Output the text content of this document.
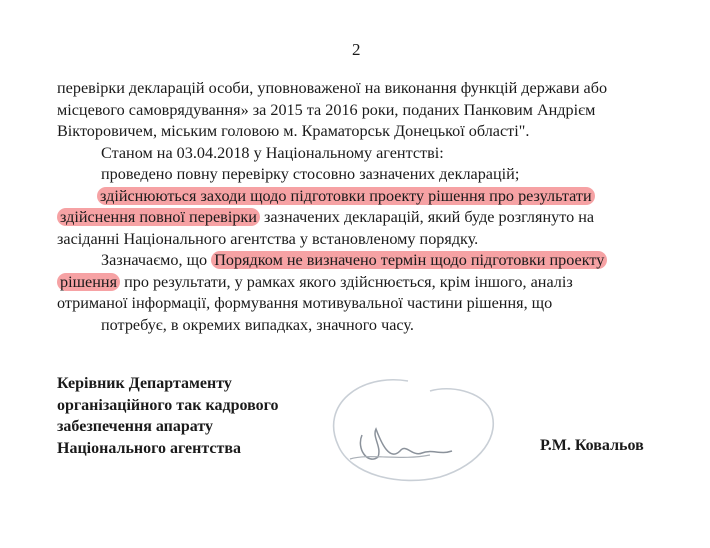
2
перевірки декларацій особи, уповноваженої на виконання функцій держави або
місцевого самоврядування» за 2015 та 2016 роки, поданих Панковим Андрієм
Вікторовичем, міським головою м. Краматорськ Донецької області".
Станом на 03.04.2018 у Національному агентстві:
проведено повну перевірку стосовно зазначених декларацій;
здійснюються заходи щодо підготовки проекту рішення про результати
здійснення повної перевірки зазначених декларацій, який буде розглянуто на
засіданні Національного агентства у встановленому порядку.
Зазначаємо, що Порядком не визначено термін щодо підготовки проекту
рішення про результати, у рамках якого здійснюється, крім іншого, аналіз
отриманої інформації, формування мотивувальної частини рішення, що
потребує, в окремих випадках, значного часу.
Керівник Департаменту
організаційного так кадрового
забезпечення апарату
Національного агентства	Р.М. Ковальов
